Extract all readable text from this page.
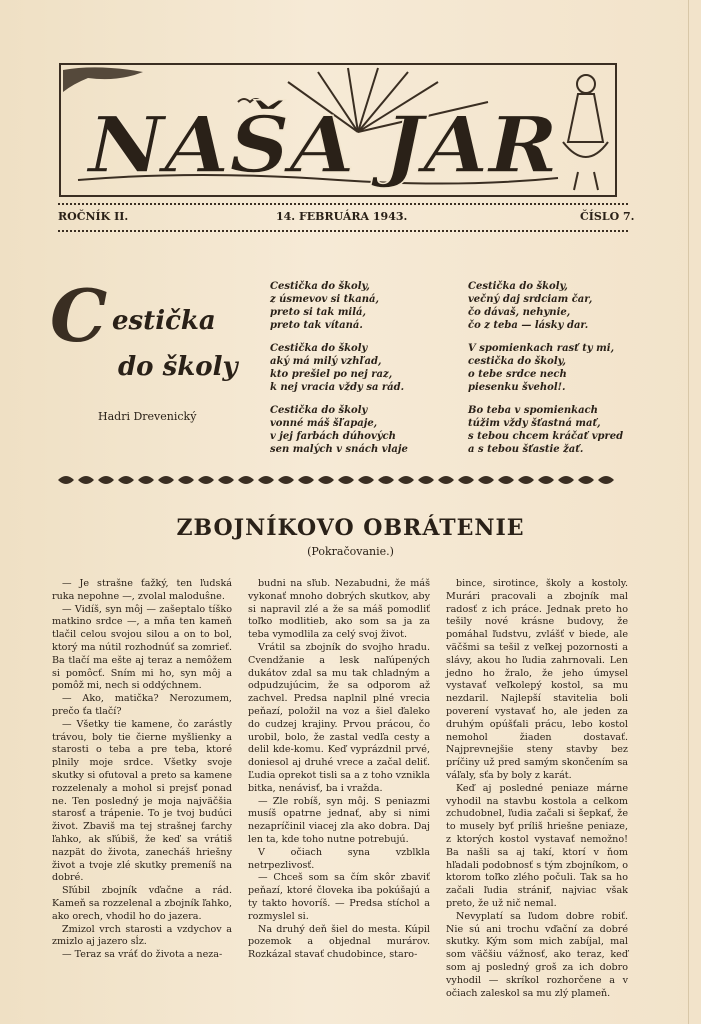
NAŠA JAR
ROČNÍK II.	14. FEBRUÁRA 1943.	ČÍSLO 7.
C estička
do školy
Hadri Drevenický
Cestička do školy,
z úsmevov si tkaná,
preto si tak milá,
preto tak vítaná.
Cestička do školy
aký má milý vzhľad,
kto prešiel po nej raz,
k nej vracia vždy sa rád.
Cestička do školy
vonné máš šľapaje,
v jej farbách dúhových
sen malých v snách vlaje
Cestička do školy,
večný daj srdciam čar,
čo dávaš, nehynie,
čo z teba — lásky dar.
V spomienkach rasť ty mi,
cestička do školy,
o tebe srdce nech
piesenku švehol!.
Bo teba v spomienkach
túžim vždy šťastná mať,
s tebou chcem kráčať vpred
a s tebou šťastie žať.
ZBOJNÍKOVO OBRÁTENIE
(Pokračovanie.)

— Je strašne ťažký, ten ľudská ruka nepohne —, zvolal maloduŝne.

— Vidíš, syn môj — zašeptalo tíško matkino srdce —, a mňa ten kameň tlačil celou svojou silou a on to bol, ktorý ma nútil rozhodnúť sa zomrieť. Ba tlačí ma ešte aj teraz a nemôžem si pomôcť. Sním mi ho, syn môj a pomôž mi, nech si oddýchnem.

— Ako, matička? Nerozumem, prečo ťa tlačí?

— Všetky tie kamene, čo zarástly trávou, boly tie čierne myšlienky a starosti o teba a pre teba, ktoré plnily moje srdce. Všetky svoje skutky si ofutoval a preto sa kamene rozzelenaly a mohol si prejsť ponad ne. Ten posledný je moja najväčšia starosť a trápenie. To je tvoj budúci život. Zbaviš ma tej strašnej ťarchy ľahko, ak sľúbiš, že keď sa vrátiš nazpät do života, zanecháš hriešny život a tvoje zlé skutky premeníš na dobré.

Sľúbil zbojník vďačne a rád. Kameň sa rozzelenal a zbojník ľahko, ako orech, vhodil ho do jazera.

Zmizol vrch starosti a vzdychov a zmizlo aj jazero sĺz.

— Teraz sa vráť do života a neza-

budni na sľub. Nezabudni, že máš vykonať mnoho dobrých skutkov, aby si napravil zlé a že sa máš pomodliť toľko modlitieb, ako som sa ja za teba vymodlila za celý svoj život.

Vrátil sa zbojník do svojho hradu. Cvendžanie a lesk naľúpených dukátov zdal sa mu tak chladným a odpudzujúcim, že sa odporom až zachvel. Predsa naplnil plné vrecia peňazí, položil na voz a šiel ďaleko do cudzej krajiny. Prvou prácou, čo urobil, bolo, že zastal vedľa cesty a delil kde-komu. Keď vyprázdnil prvé, doniesol aj druhé vrece a začal deliť. Ľudia oprekot tisli sa a z toho vznikla bitka, nenávisť, ba i vražda.

— Zle robíš, syn môj. S peniazmi musíš opatrne jednať, aby si nimi nezapríčinil viacej zla ako dobra. Daj len ta, kde toho nutne potrebujú.

V očiach syna vzblkla netrpezlivosť.

— Chceš som sa čím skôr zbaviť peňazí, ktoré človeka iba pokúšajú a ty takto hovoríš. — Predsa stíchol a rozmyslel si.

Na druhý deň šiel do mesta. Kúpil pozemok a objednal murárov. Rozkázal stavať chudobince, staro-

bince, sirotince, školy a kostoly. Murári pracovali a zbojník mal radosť z ich práce. Jednak preto ho tešily nové krásne budovy, že pomáhal ľudstvu, zvlášť v biede, ale väčšmi sa tešil z veľkej pozornosti a slávy, akou ho ľudia zahrnovali. Len jedno ho žralo, že jeho úmysel vystavať veľkolepý kostol, sa mu nezdaril. Najlepší stavitelia boli poverení vystavať ho, ale jeden za druhým opúšťali prácu, lebo kostol nemohol žiaden dostavať. Najprevnejšie steny stavby bez príčiny už pred samým skončením sa váľaly, sťa by boly z karát.

Keď aj posledné peniaze márne vyhodil na stavbu kostola a celkom zchudobnel, ľudia začali si šepkať, že to musely byť príliš hriešne peniaze, z ktorých kostol vystavať nemožno! Ba našli sa aj takí, ktorí v ňom hľadali podobnosť s tým zbojníkom, o ktorom toľko zlého počuli. Tak sa ho začali ľudia stránif, najviac však preto, že už nič nemal.

Nevyplatí sa ľudom dobre robiť. Nie sú ani trochu vďační za dobré skutky. Kým som mich zabíjal, mal som väčšiu vážnosť, ako teraz, keď som aj posledný groš za ich dobro vyhodil — skríkol rozhorčene a v očiach zaleskol sa mu zlý plameň.
